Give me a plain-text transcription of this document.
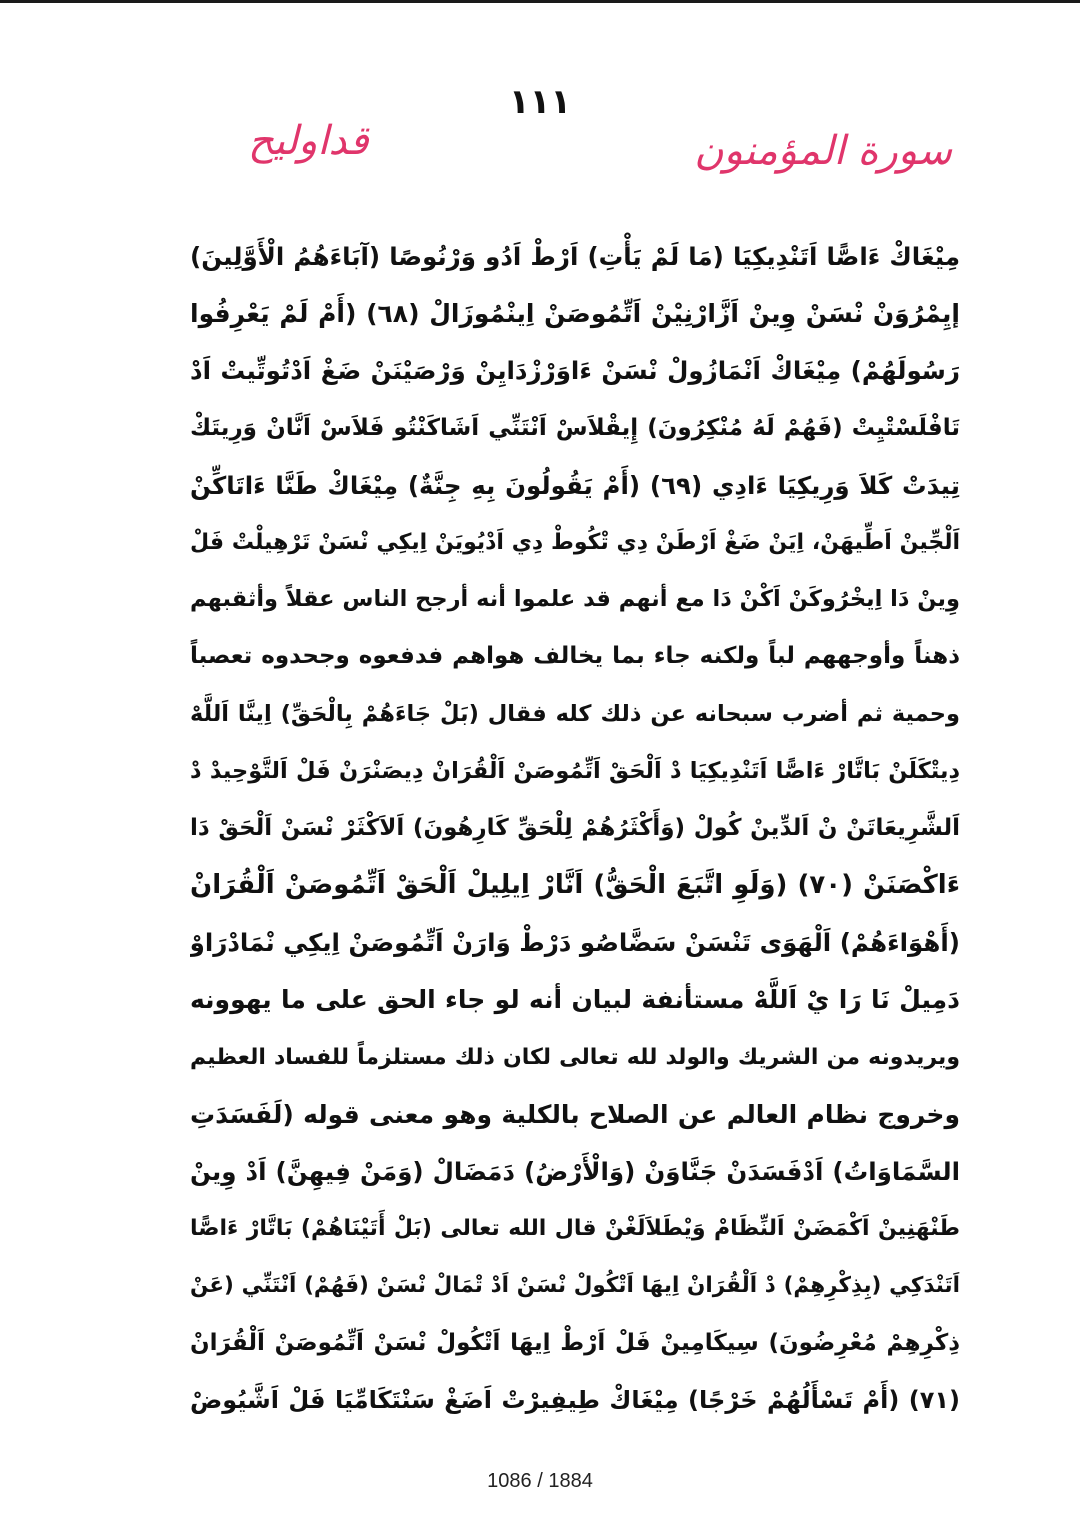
١١١
سورة المؤمنون
قداوليح
مِيْغَاكْ ءَاصًّا اَتَنْدِيكِيَا (مَا لَمْ يَأْتِ) اَرْطْ اَدُو وَرْنُوصًا (آبَاءَهُمُ الْأَوَّلِينَ)
إيِمْرُوَنْ نْسَنْ وِينْ اَزَّارْنِيْنْ اَتِّمُوصَنْ اِينْمُوزَالْ (٦٨) (أَمْ لَمْ يَعْرِفُوا
رَسُولَهُمْ) مِيْغَاكْ اَنْمَازُولْ نْسَنْ ءَاوَرْزْدَايِنْ وَرْصَيْنَنْ ضَغْ اَدْتُوتِّيتْ اَدْ
تَافْلَسْتْيِتْ (فَهُمْ لَهُ مُنْكِرُونَ) إِيقْلاَسْ اَنْتَنِّي اَشَاكَنْتُو فَلاَسْ اَنَّانْ وَرِيتَكْ
تِيدَتْ كَلاَ وَرِيكِيَا ءَادِي (٦٩) (أَمْ يَقُولُونَ بِهِ جِنَّةٌ) مِيْغَاكْ طَنَّا ءَاتَاكِّنْ
اَلْجِّينْ اَطِّيهَنْ، اِيَنْ ضَغْ اَرْطَنْ دِي تْكُوطْ دِي اَدْيُويَنْ اِيكِي نْسَنْ تَرْهِيلْتْ فَلْ
وِينْ دَا اِيخْرُوكَنْ اَكْنْ دَا مع أنهم قد علموا أنه أرجح الناس عقلاً وأثقبهم
ذهناً وأوجههم لباً ولكنه جاء بما يخالف هواهم فدفعوه وجحدوه تعصباً
وحمية ثم أضرب سبحانه عن ذلك كله فقال (بَلْ جَاءَهُمْ بِالْحَقِّ) اِينَّا اَللَّهْ
دِيتْكَلَنْ بَاتَّارْ ءَاصًّا اَتَنْدِيكِيَا دْ اَلْحَقْ اَتِّمُوصَنْ اَلْقُرَانْ دِيصَنْرَنْ فَلْ اَلتَّوْحِيدْ دْ
اَلشَّرِيعَاتَنْ نْ اَلدِّينْ كُولْ (وَأَكْثَرُهُمْ لِلْحَقِّ كَارِهُونَ) اَلاَكْثَرْ نْسَنْ اَلْحَقْ دَا
ءَاكْصَنَنْ (٧٠) (وَلَوِ اتَّبَعَ الْحَقُّ) اَنَّارْ اِيلِيلْ اَلْحَقْ اَتِّمُوصَنْ اَلْقُرَانْ
(أَهْوَاءَهُمْ) اَلْهَوَى تَنْسَنْ سَضَّاصُو دَرْطْ وَارَنْ اَتِّمُوصَنْ اِيكِي نْمَادْرَاوْ
دَمِيلْ نَا رَا يْ اَللَّهْ مستأنفة لبيان أنه لو جاء الحق على ما يهوونه
ويريدونه من الشريك والولد لله تعالى لكان ذلك مستلزماً للفساد العظيم
وخروج نظام العالم عن الصلاح بالكلية وهو معنى قوله (لَفَسَدَتِ
السَّمَاوَاتُ) اَدْفَسَدَنْ جَنَّاوَنْ (وَالْأَرْضُ) دَمَضَالْ (وَمَنْ فِيهِنَّ) اَدْ وِينْ
طَنْهَنِينْ اَكْمَضَنْ اَلنِّظَامْ وَيْطَلاَلَغْنْ قال الله تعالى (بَلْ أَتَيْنَاهُمْ) بَاتَّارْ ءَاصًّا
اَتَنْدَكِي (بِذِكْرِهِمْ) دْ اَلْقُرَانْ اِيهَا اَتْكُولْ نْسَنْ اَدْ تْمَالْ نْسَنْ (فَهُمْ) اَنْتَنِّي (عَنْ
ذِكْرِهِمْ مُعْرِضُونَ) سِيكَامِينْ فَلْ اَرْطْ اِيهَا اَتْكُولْ نْسَنْ اَتِّمُوصَنْ اَلْقُرَانْ
(٧١) (أَمْ تَسْأَلُهُمْ خَرْجًا) مِيْغَاكْ طِيفِيرْتْ اَضَغْ سَنْتَكَامِّيَا فَلْ اَشَّيُوضْ
1086 / 1884
